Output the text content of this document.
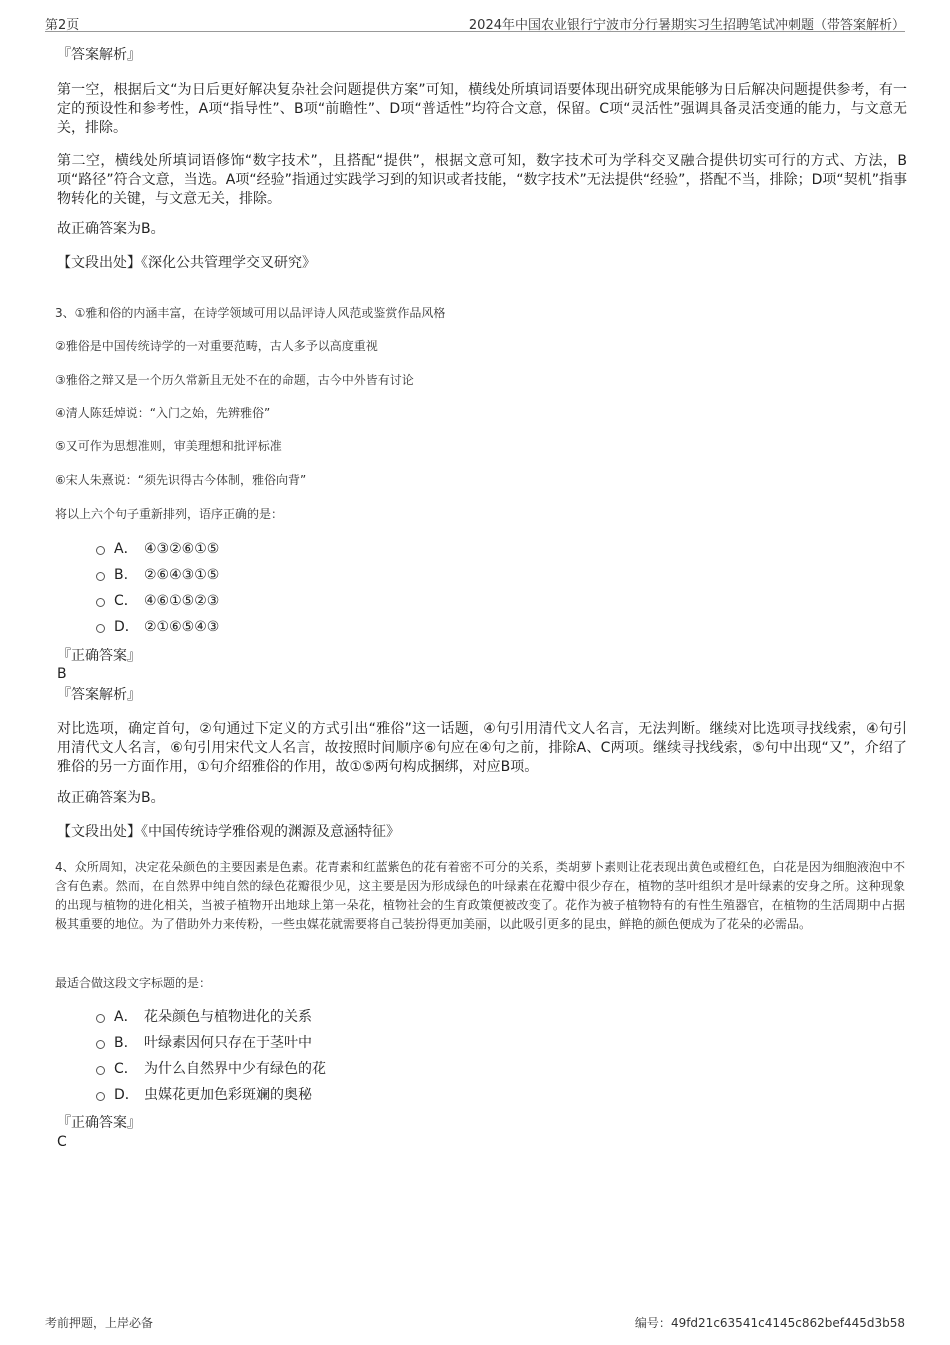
第2页	2024年中国农业银行宁波市分行暑期实习生招聘笔试冲刺题（带答案解析）
『答案解析』
第一空，根据后文“为日后更好解决复杂社会问题提供方案”可知，横线处所填词语要体现出研究成果能够为日后解决问题提供参考，有一定的预设性和参考性，A项“指导性”、B项“前瞻性”、D项“普适性”均符合文意，保留。C项“灵活性”强调具备灵活变通的能力，与文意无关，排除。
第二空，横线处所填词语修饰“数字技术”，且搭配“提供”，根据文意可知，数字技术可为学科交叉融合提供切实可行的方式、方法，B项“路径”符合文意，当选。A项“经验”指通过实践学习到的知识或者技能，“数字技术”无法提供“经验”，搭配不当，排除；D项“契机”指事物转化的关键，与文意无关，排除。
故正确答案为B。
【文段出处】《深化公共管理学交叉研究》
3、①雅和俗的内涵丰富，在诗学领域可用以品评诗人风范或鉴赏作品风格
②雅俗是中国传统诗学的一对重要范畴，古人多予以高度重视
③雅俗之辩又是一个历久常新且无处不在的命题，古今中外皆有讨论
④清人陈廷焯说：“入门之始，先辨雅俗”
⑤又可作为思想准则，审美理想和批评标准
⑥宋人朱熹说：“须先识得古今体制，雅俗向背”
将以上六个句子重新排列，语序正确的是：
A． ④③②⑥①⑤
B. ②⑥④③①⑤
C． ④⑥①⑤②③
D． ②①⑥⑤④③
『正确答案』
B
『答案解析』
对比选项，确定首句，②句通过下定义的方式引出“雅俗”这一话题，④句引用清代文人名言，无法判断。继续对比选项寻找线索，④句引用清代文人名言，⑥句引用宋代文人名言，故按照时间顺序⑥句应在④句之前，排除A、C两项。继续寻找线索，⑤句中出现“又”，介绍了雅俗的另一方面作用，①句介绍雅俗的作用，故①⑤两句构成捆绑，对应B项。
故正确答案为B。
【文段出处】《中国传统诗学雅俗观的渊源及意涵特征》
4、众所周知，决定花朵颜色的主要因素是色素。花青素和红蓝紫色的花有着密不可分的关系，类胡萝卜素则让花表现出黄色或橙红色，白花是因为细胞液泡中不含有色素。然而，在自然界中纯自然的绿色花瓣很少见，这主要是因为形成绿色的叶绿素在花瓣中很少存在，植物的茎叶组织才是叶绿素的安身之所。这种现象的出现与植物的进化相关，当被子植物开出地球上第一朵花，植物社会的生育政策便被改变了。花作为被子植物特有的有性生殖器官，在植物的生活周期中占据极其重要的地位。为了借助外力来传粉，一些虫媒花就需要将自己装扮得更加美丽，以此吸引更多的昆虫，鲜艳的颜色便成为了花朵的必需品。
最适合做这段文字标题的是：
A． 花朵颜色与植物进化的关系
B. 叶绿素因何只存在于茎叶中
C． 为什么自然界中少有绿色的花
D． 虫媒花更加色彩斑斓的奥秘
『正确答案』
C
考前押题，上岸必备	编号：49fd21c63541c4145c862bef445d3b58
